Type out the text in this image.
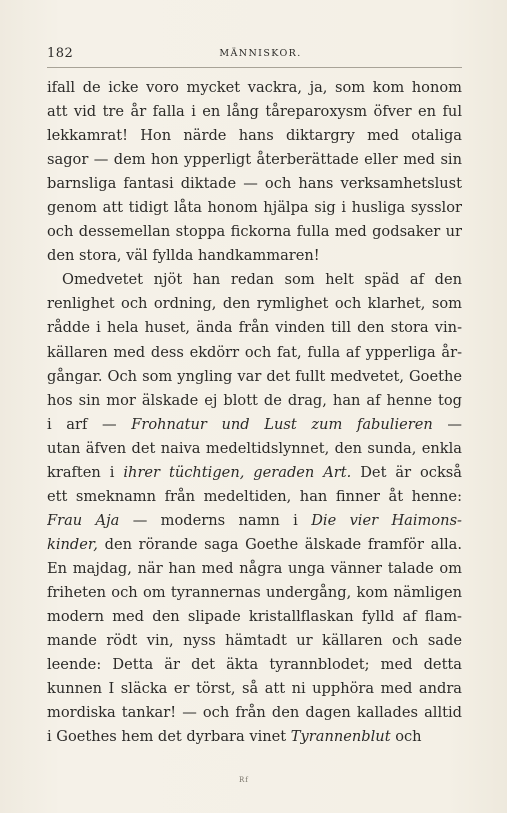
182	MÄNNISKOR.
ifall de icke voro mycket vackra, ja, som kom honom
att vid tre år falla i en lång tåreparoxysm öfver en ful
lekkamrat! Hon närde hans diktargry med otaliga
sagor — dem hon ypperligt återberättade eller med sin
barnsliga fantasi diktade — och hans verksamhetslust
genom att tidigt låta honom hjälpa sig i husliga sysslor
och dessemellan stoppa fickorna fulla med godsaker ur
den stora, väl fyllda handkammaren!
Omedvetet njöt han redan som helt späd af den
renlighet och ordning, den rymlighet och klarhet, som
rådde i hela huset, ända från vinden till den stora vin-
källaren med dess ekdörr och fat, fulla af ypperliga år-
gångar. Och som yngling var det fullt medvetet, Goethe
hos sin mor älskade ej blott de drag, han af henne tog
i arf — Frohnatur und Lust zum fabulieren —
utan äfven det naiva medeltidslynnet, den sunda, enkla
kraften i ihrer tüchtigen, geraden Art. Det är också
ett smeknamn från medeltiden, han finner åt henne:
Frau Aja — moderns namn i Die vier Haimons-
kinder, den rörande saga Goethe älskade framför alla.
En majdag, när han med några unga vänner talade om
friheten och om tyrannernas undergång, kom nämligen
modern med den slipade kristallflaskan fylld af flam-
mande rödt vin, nyss hämtadt ur källaren och sade
leende: Detta är det äkta tyrannblodet; med detta
kunnen I släcka er törst, så att ni upphöra med andra
mordiska tankar! — och från den dagen kallades alltid
i Goethes hem det dyrbara vinet Tyrannenblut och
Rf
